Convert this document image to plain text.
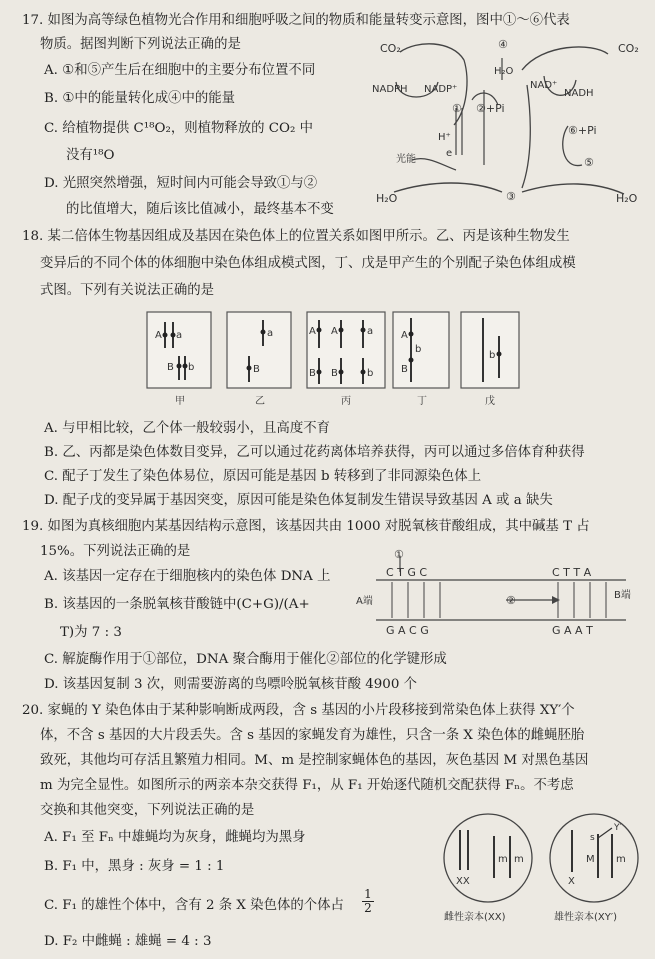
17. 如图为高等绿色植物光合作用和细胞呼吸之间的物质和能量转变示意图，图中①～⑥代表
物质。据图判断下列说法正确的是
A. ①和⑤产生后在细胞中的主要分布位置不同
B. ①中的能量转化成④中的能量
C. 给植物提供 C¹⁸O₂，则植物释放的 CO₂ 中
没有¹⁸O
D. 光照突然增强，短时间内可能会导致①与②
的比值增大，随后该比值减小，最终基本不变
CO₂	CO₂
NADPH NADP⁺	NAD⁺
NADH
④
H₂O
① ②+Pi
⑥+Pi
⑤
H⁺
e
光能
H₂O	③	H₂O
18. 某二倍体生物基因组成及基因在染色体上的位置关系如图甲所示。乙、丙是该种生物发生
变异后的不同个体的体细胞中染色体组成模式图，丁、戊是甲产生的个别配子染色体组成模
式图。下列有关说法正确的是
A a
B b
a
B
A A	a
B B	b
A
b
B
b
甲	乙	丙	丁	戊
A. 与甲相比较，乙个体一般较弱小，且高度不育
B. 乙、丙都是染色体数目变异，乙可以通过花药离体培养获得，丙可以通过多倍体育种获得
C. 配子丁发生了染色体易位，原因可能是基因 b 转移到了非同源染色体上
D. 配子戊的变异属于基因突变，原因可能是染色体复制发生错误导致基因 A 或 a 缺失
19. 如图为真核细胞内某基因结构示意图，该基因共由 1000 对脱氧核苷酸组成，其中碱基 T 占
15%。下列说法正确的是
A. 该基因一定存在于细胞核内的染色体 DNA 上
B. 该基因的一条脱氧核苷酸链中(C+G)/(A+
T)为 7 : 3
C. 解旋酶作用于①部位，DNA 聚合酶用于催化②部位的化学键形成
D. 该基因复制 3 次，则需要游离的鸟嘌呤脱氧核苷酸 4900 个
①
②
C T G C	C T T A
G A C G	G A A T
A端
B端
20. 家蝇的 Y 染色体由于某种影响断成两段，含 s 基因的小片段移接到常染色体上获得 XY′个
体，不含 s 基因的大片段丢失。含 s 基因的家蝇发育为雄性，只含一条 X 染色体的雌蝇胚胎
致死，其他均可存活且繁殖力相同。M、m 是控制家蝇体色的基因，灰色基因 M 对黑色基因
m 为完全显性。如图所示的两亲本杂交获得 F₁，从 F₁ 开始逐代随机交配获得 Fₙ。不考虑
交换和其他突变，下列说法正确的是
A. F₁ 至 Fₙ 中雄蝇均为灰身，雌蝇均为黑身
B. F₁ 中，黑身 : 灰身 = 1 : 1
C. F₁ 的雄性个体中，含有 2 条 X 染色体的个体占 $\frac{1}{2}$
D. F₂ 中雌蝇 : 雄蝇 = 4 : 3
XX
m m
X
M m
s
Y′
雌性亲本(XX)	雄性亲本(XY′)
